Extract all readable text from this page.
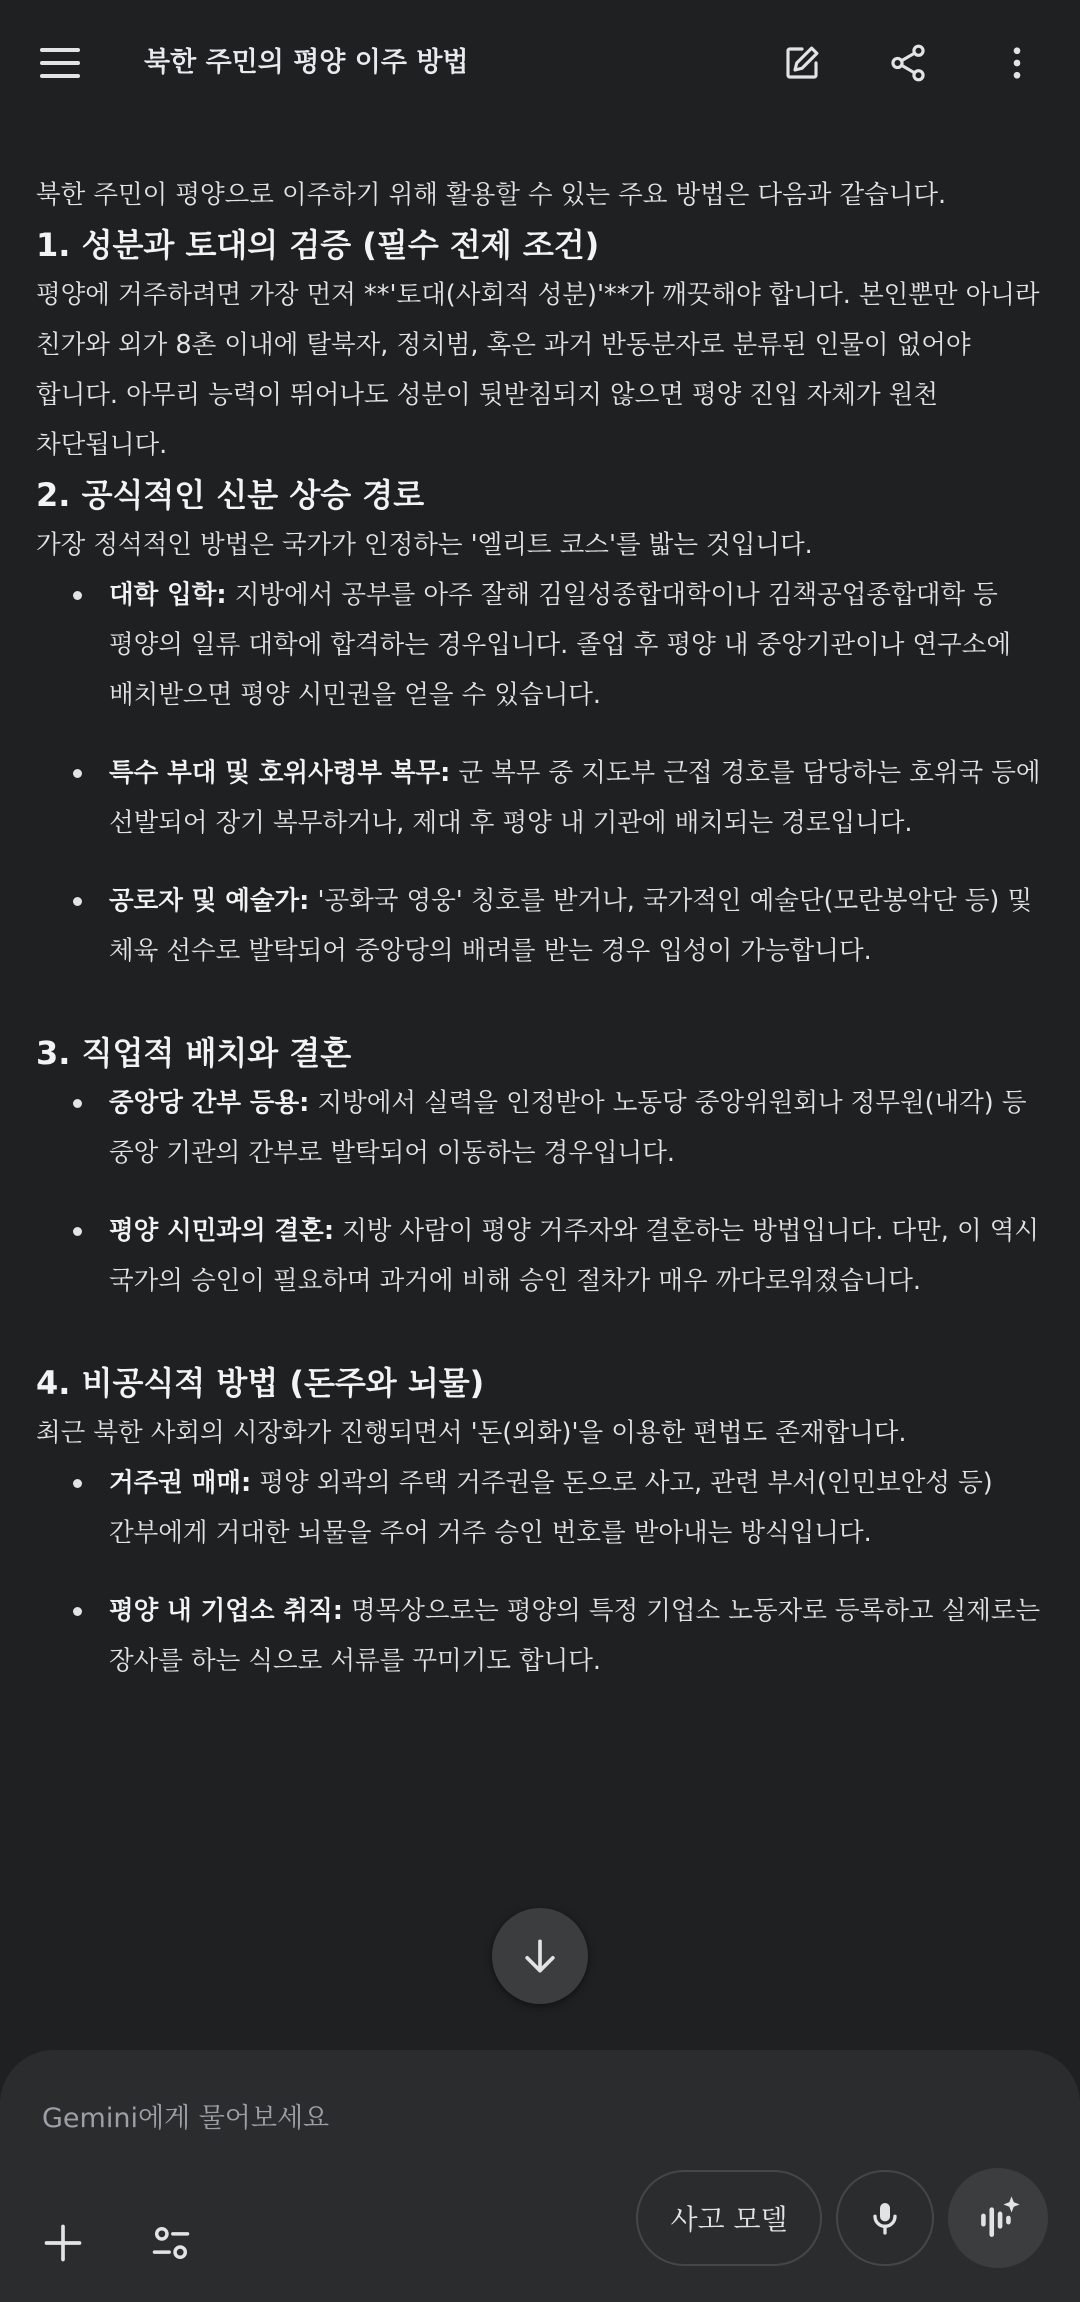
북한 주민의 평양 이주 방법

북한 주민이 평양으로 이주하기 위해 활용할 수 있는 주요 방법은 다음과 같습니다.

1. 성분과 토대의 검증 (필수 전제 조건)

평양에 거주하려면 가장 먼저 **'토대(사회적 성분)'**가 깨끗해야 합니다. 본인뿐만 아니라
친가와 외가 8촌 이내에 탈북자, 정치범, 혹은 과거 반동분자로 분류된 인물이 없어야
합니다. 아무리 능력이 뛰어나도 성분이 뒷받침되지 않으면 평양 진입 자체가 원천
차단됩니다.

2. 공식적인 신분 상승 경로

가장 정석적인 방법은 국가가 인정하는 '엘리트 코스'를 밟는 것입니다.

대학 입학: 지방에서 공부를 아주 잘해 김일성종합대학이나 김책공업종합대학 등
평양의 일류 대학에 합격하는 경우입니다. 졸업 후 평양 내 중앙기관이나 연구소에
배치받으면 평양 시민권을 얻을 수 있습니다.
특수 부대 및 호위사령부 복무: 군 복무 중 지도부 근접 경호를 담당하는 호위국 등에
선발되어 장기 복무하거나, 제대 후 평양 내 기관에 배치되는 경로입니다.
공로자 및 예술가: '공화국 영웅' 칭호를 받거나, 국가적인 예술단(모란봉악단 등) 및
체육 선수로 발탁되어 중앙당의 배려를 받는 경우 입성이 가능합니다.

3. 직업적 배치와 결혼

중앙당 간부 등용: 지방에서 실력을 인정받아 노동당 중앙위원회나 정무원(내각) 등
중앙 기관의 간부로 발탁되어 이동하는 경우입니다.
평양 시민과의 결혼: 지방 사람이 평양 거주자와 결혼하는 방법입니다. 다만, 이 역시
국가의 승인이 필요하며 과거에 비해 승인 절차가 매우 까다로워졌습니다.

4. 비공식적 방법 (돈주와 뇌물)

최근 북한 사회의 시장화가 진행되면서 '돈(외화)'을 이용한 편법도 존재합니다.

거주권 매매: 평양 외곽의 주택 거주권을 돈으로 사고, 관련 부서(인민보안성 등)
간부에게 거대한 뇌물을 주어 거주 승인 번호를 받아내는 방식입니다.
평양 내 기업소 취직: 명목상으로는 평양의 특정 기업소 노동자로 등록하고 실제로는
장사를 하는 식으로 서류를 꾸미기도 합니다.
Gemini에게 물어보세요
사고 모델
